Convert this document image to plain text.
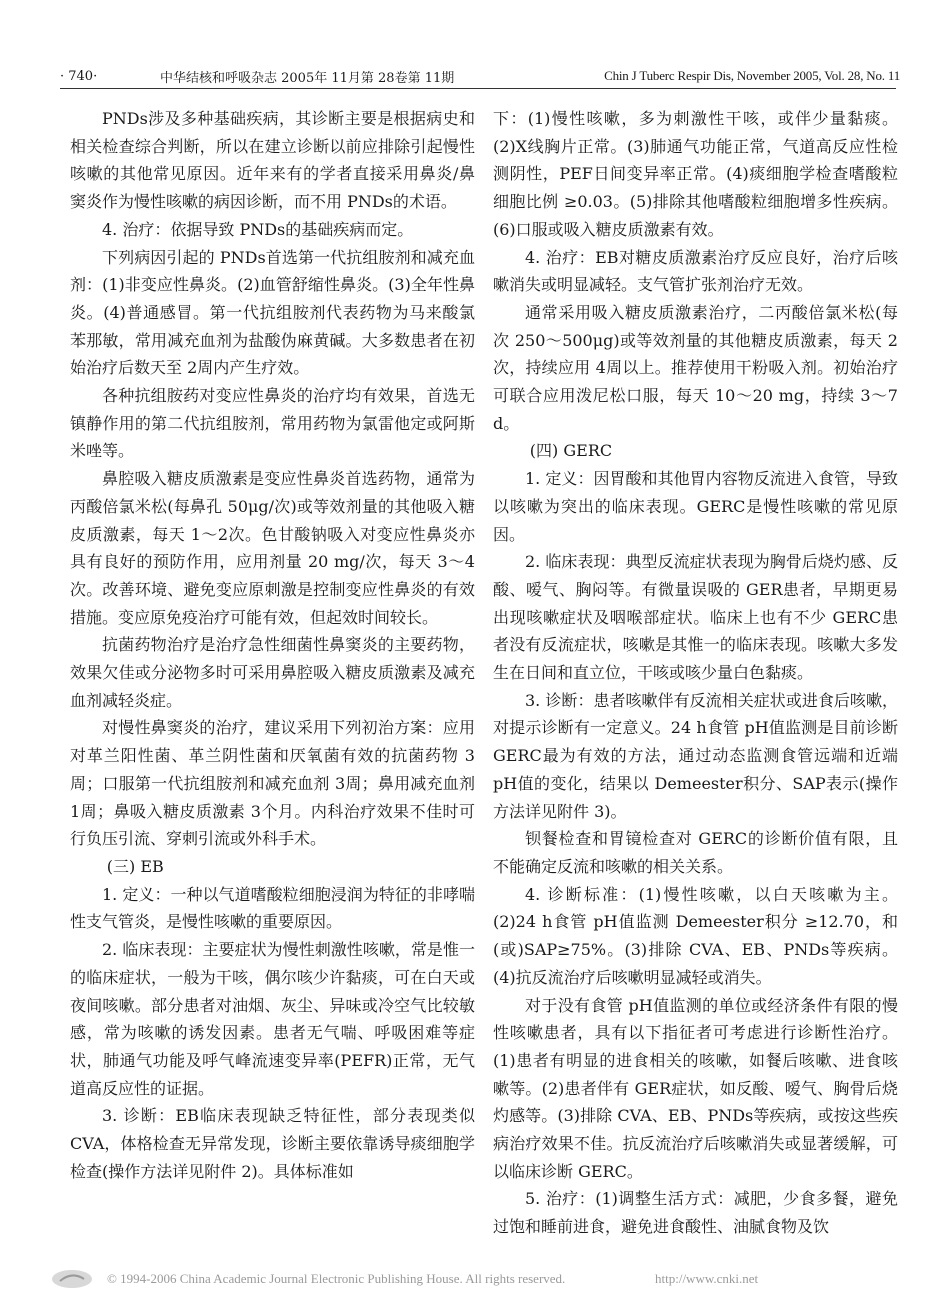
· 740·	中华结核和呼吸杂志 2005年 11月第 28卷第 11期	Chin J Tuberc Respir Dis, November 2005, Vol. 28, No. 11

PNDs涉及多种基础疾病，其诊断主要是根据病史和相关检查综合判断，所以在建立诊断以前应排除引起慢性咳嗽的其他常见原因。近年来有的学者直接采用鼻炎/鼻窦炎作为慢性咳嗽的病因诊断，而不用 PNDs的术语。

4. 治疗：依据导致 PNDs的基础疾病而定。

下列病因引起的 PNDs首选第一代抗组胺剂和减充血剂：(1)非变应性鼻炎。(2)血管舒缩性鼻炎。(3)全年性鼻炎。(4)普通感冒。第一代抗组胺剂代表药物为马来酸氯苯那敏，常用减充血剂为盐酸伪麻黄碱。大多数患者在初始治疗后数天至 2周内产生疗效。

各种抗组胺药对变应性鼻炎的治疗均有效果，首选无镇静作用的第二代抗组胺剂，常用药物为氯雷他定或阿斯米唑等。

鼻腔吸入糖皮质激素是变应性鼻炎首选药物，通常为丙酸倍氯米松(每鼻孔 50μg/次)或等效剂量的其他吸入糖皮质激素，每天 1～2次。色甘酸钠吸入对变应性鼻炎亦具有良好的预防作用，应用剂量 20 mg/次，每天 3～4次。改善环境、避免变应原刺激是控制变应性鼻炎的有效措施。变应原免疫治疗可能有效，但起效时间较长。

抗菌药物治疗是治疗急性细菌性鼻窦炎的主要药物，效果欠佳或分泌物多时可采用鼻腔吸入糖皮质激素及减充血剂减轻炎症。

对慢性鼻窦炎的治疗，建议采用下列初治方案：应用对革兰阳性菌、革兰阴性菌和厌氧菌有效的抗菌药物 3周；口服第一代抗组胺剂和减充血剂 3周；鼻用减充血剂 1周；鼻吸入糖皮质激素 3个月。内科治疗效果不佳时可行负压引流、穿刺引流或外科手术。

(三) EB

1. 定义：一种以气道嗜酸粒细胞浸润为特征的非哮喘性支气管炎，是慢性咳嗽的重要原因。

2. 临床表现：主要症状为慢性刺激性咳嗽，常是惟一的临床症状，一般为干咳，偶尔咳少许黏痰，可在白天或夜间咳嗽。部分患者对油烟、灰尘、异味或冷空气比较敏感，常为咳嗽的诱发因素。患者无气喘、呼吸困难等症状，肺通气功能及呼气峰流速变异率(PEFR)正常，无气道高反应性的证据。

3. 诊断：EB临床表现缺乏特征性，部分表现类似 CVA，体格检查无异常发现，诊断主要依靠诱导痰细胞学检查(操作方法详见附件 2)。具体标准如

下：(1)慢性咳嗽，多为刺激性干咳，或伴少量黏痰。(2)X线胸片正常。(3)肺通气功能正常，气道高反应性检测阴性，PEF日间变异率正常。(4)痰细胞学检查嗜酸粒细胞比例 ≥0.03。(5)排除其他嗜酸粒细胞增多性疾病。(6)口服或吸入糖皮质激素有效。

4. 治疗：EB对糖皮质激素治疗反应良好，治疗后咳嗽消失或明显减轻。支气管扩张剂治疗无效。

通常采用吸入糖皮质激素治疗，二丙酸倍氯米松(每次 250～500μg)或等效剂量的其他糖皮质激素，每天 2次，持续应用 4周以上。推荐使用干粉吸入剂。初始治疗可联合应用泼尼松口服，每天 10～20 mg，持续 3～7 d。

(四) GERC

1. 定义：因胃酸和其他胃内容物反流进入食管，导致以咳嗽为突出的临床表现。GERC是慢性咳嗽的常见原因。

2. 临床表现：典型反流症状表现为胸骨后烧灼感、反酸、嗳气、胸闷等。有微量误吸的 GER患者，早期更易出现咳嗽症状及咽喉部症状。临床上也有不少 GERC患者没有反流症状，咳嗽是其惟一的临床表现。咳嗽大多发生在日间和直立位，干咳或咳少量白色黏痰。

3. 诊断：患者咳嗽伴有反流相关症状或进食后咳嗽，对提示诊断有一定意义。24 h食管 pH值监测是目前诊断 GERC最为有效的方法，通过动态监测食管远端和近端 pH值的变化，结果以 Demeester积分、SAP表示(操作方法详见附件 3)。

钡餐检查和胃镜检查对 GERC的诊断价值有限，且不能确定反流和咳嗽的相关关系。

4. 诊断标准：(1)慢性咳嗽，以白天咳嗽为主。(2)24 h食管 pH值监测 Demeester积分 ≥12.70，和(或)SAP≥75%。(3)排除 CVA、EB、PNDs等疾病。(4)抗反流治疗后咳嗽明显减轻或消失。

对于没有食管 pH值监测的单位或经济条件有限的慢性咳嗽患者，具有以下指征者可考虑进行诊断性治疗。(1)患者有明显的进食相关的咳嗽，如餐后咳嗽、进食咳嗽等。(2)患者伴有 GER症状，如反酸、嗳气、胸骨后烧灼感等。(3)排除 CVA、EB、PNDs等疾病，或按这些疾病治疗效果不佳。抗反流治疗后咳嗽消失或显著缓解，可以临床诊断 GERC。

5. 治疗：(1)调整生活方式：减肥，少食多餐，避免过饱和睡前进食，避免进食酸性、油腻食物及饮

© 1994-2006 China Academic Journal Electronic Publishing House. All rights reserved.	http://www.cnki.net
